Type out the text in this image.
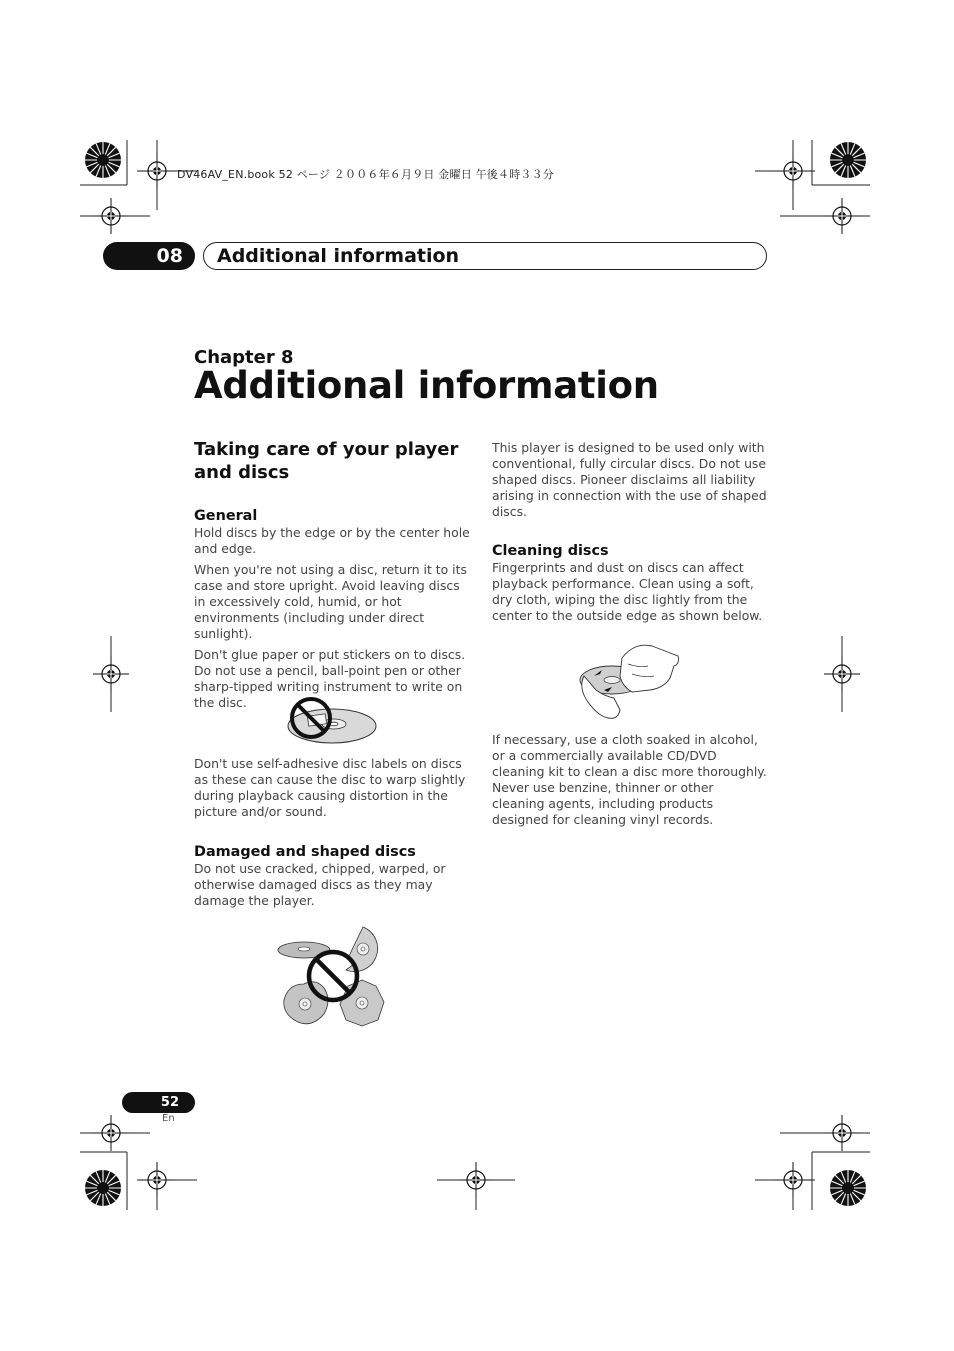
DV46AV_EN.book 52 ページ ２００６年６月９日 金曜日 午後４時３３分
08	Additional information
Chapter 8
Additional information
Taking care of your player and discs
General

Hold discs by the edge or by the center hole and edge.

When you're not using a disc, return it to its case and store upright. Avoid leaving discs in excessively cold, humid, or hot environments (including under direct sunlight).

Don't glue paper or put stickers on to discs. Do not use a pencil, ball-point pen or other sharp-tipped writing instrument to write on the disc.

Don't use self-adhesive disc labels on discs as these can cause the disc to warp slightly during playback causing distortion in the picture and/or sound.

Damaged and shaped discs

Do not use cracked, chipped, warped, or otherwise damaged discs as they may damage the player.

This player is designed to be used only with conventional, fully circular discs. Do not use shaped discs. Pioneer disclaims all liability arising in connection with the use of shaped discs.

Cleaning discs

Fingerprints and dust on discs can affect playback performance. Clean using a soft, dry cloth, wiping the disc lightly from the center to the outside edge as shown below.

If necessary, use a cloth soaked in alcohol, or a commercially available CD/DVD cleaning kit to clean a disc more thoroughly. Never use benzine, thinner or other cleaning agents, including products designed for cleaning vinyl records.

52
En
